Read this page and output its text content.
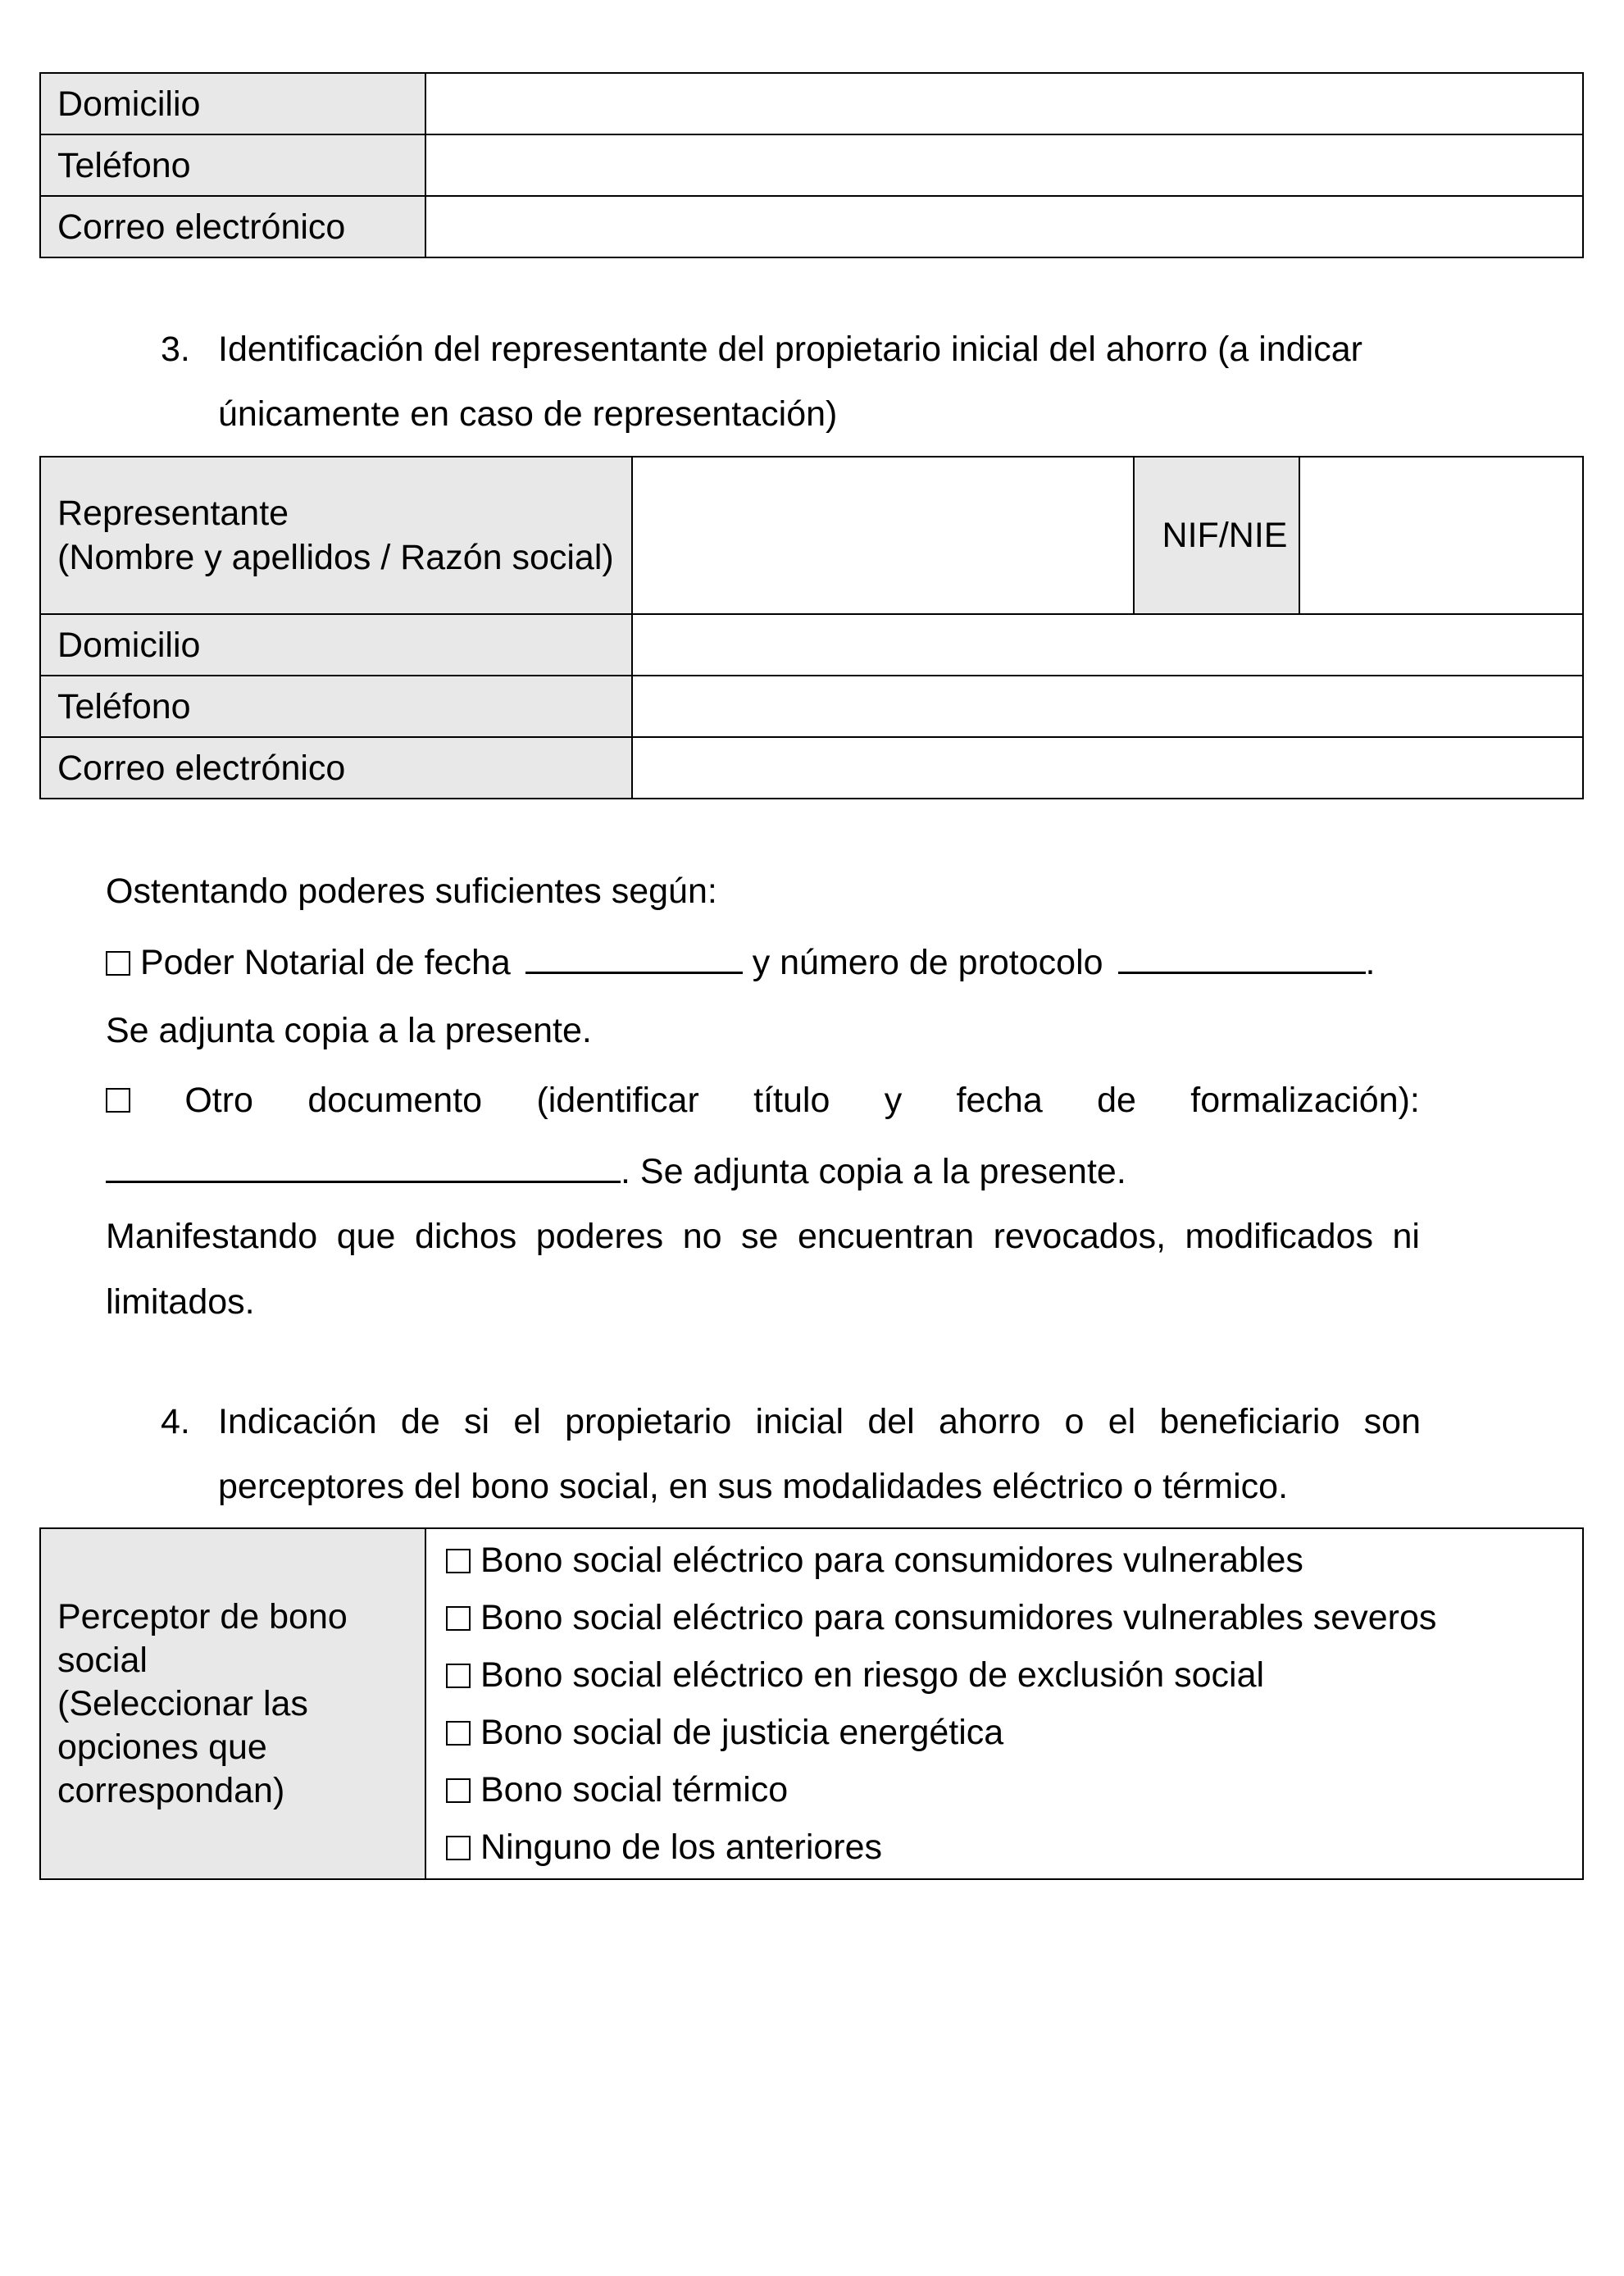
Domicilio	
Teléfono	
Correo electrónico	
3. Identificación del representante del propietario inicial del ahorro (a indicar únicamente en caso de representación)
Representante
(Nombre y apellidos / Razón social)		NIF/NIE	
Domicilio			
Teléfono			
Correo electrónico			
Ostentando poderes suficientes según:
Poder Notarial de fecha	y número de protocolo	.
Se adjunta copia a la presente.
Otro documento (identificar título y fecha de formalización):
. Se adjunta copia a la presente.
Manifestando que dichos poderes no se encuentran revocados, modificados ni limitados.
4. Indicación de si el propietario inicial del ahorro o el beneficiario son perceptores del bono social, en sus modalidades eléctrico o térmico.
Perceptor de bono social
(Seleccionar las opciones que correspondan)

Bono social eléctrico para consumidores vulnerables
Bono social eléctrico para consumidores vulnerables severos
Bono social eléctrico en riesgo de exclusión social
Bono social de justicia energética
Bono social térmico
Ninguno de los anteriores
